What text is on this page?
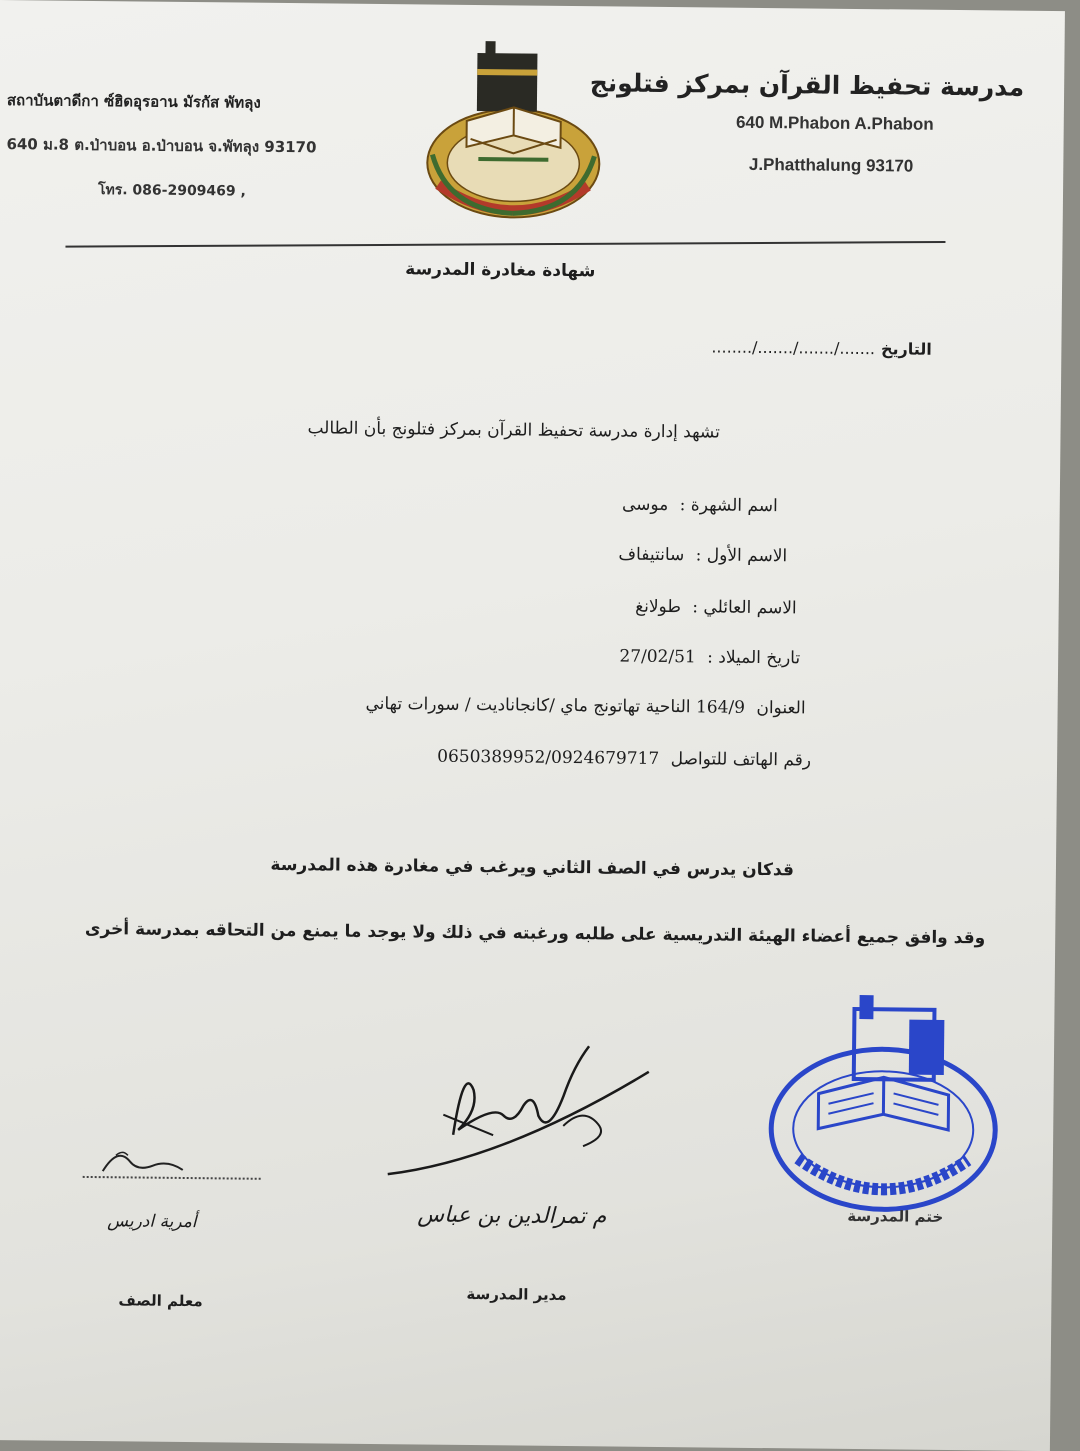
مدرسة تحفيظ القرآن بمركز فتلونج
640 M.Phabon A.Phabon
J.Phatthalung 93170
สถาบันตาดีกา ซ์ฮิดอุรอาน มัรกัส พัทลุง
640 ม.8 ต.ป่าบอน อ.ป่าบอน จ.พัทลุง 93170
โทร. 086-2909469 ,
شهادة مغادرة المدرسة
التاريخ......../......./......./.......
تشهد إدارة مدرسة تحفيظ القرآن بمركز فتلونج بأن الطالب
اسم الشهرة : موسى
الاسم الأول : سانتيفاف
الاسم العائلي : طولانغ
تاريخ الميلاد : 27/02/51
العنوان 164/9 الناحية تهاتونج ماي /كانجاناديت / سورات تهاني
رقم الهاتف للتواصل 0650389952/0924679717
قدكان يدرس في الصف الثاني ويرغب في مغادرة هذه المدرسة
وقد وافق جميع أعضاء الهيئة التدريسية على طلبه ورغبته في ذلك ولا يوجد ما يمنع من التحاقه بمدرسة أخرى
أمرية ادريس
معلم الصف
م تمرالدين بن عباس
مدير المدرسة
ختم المدرسة
